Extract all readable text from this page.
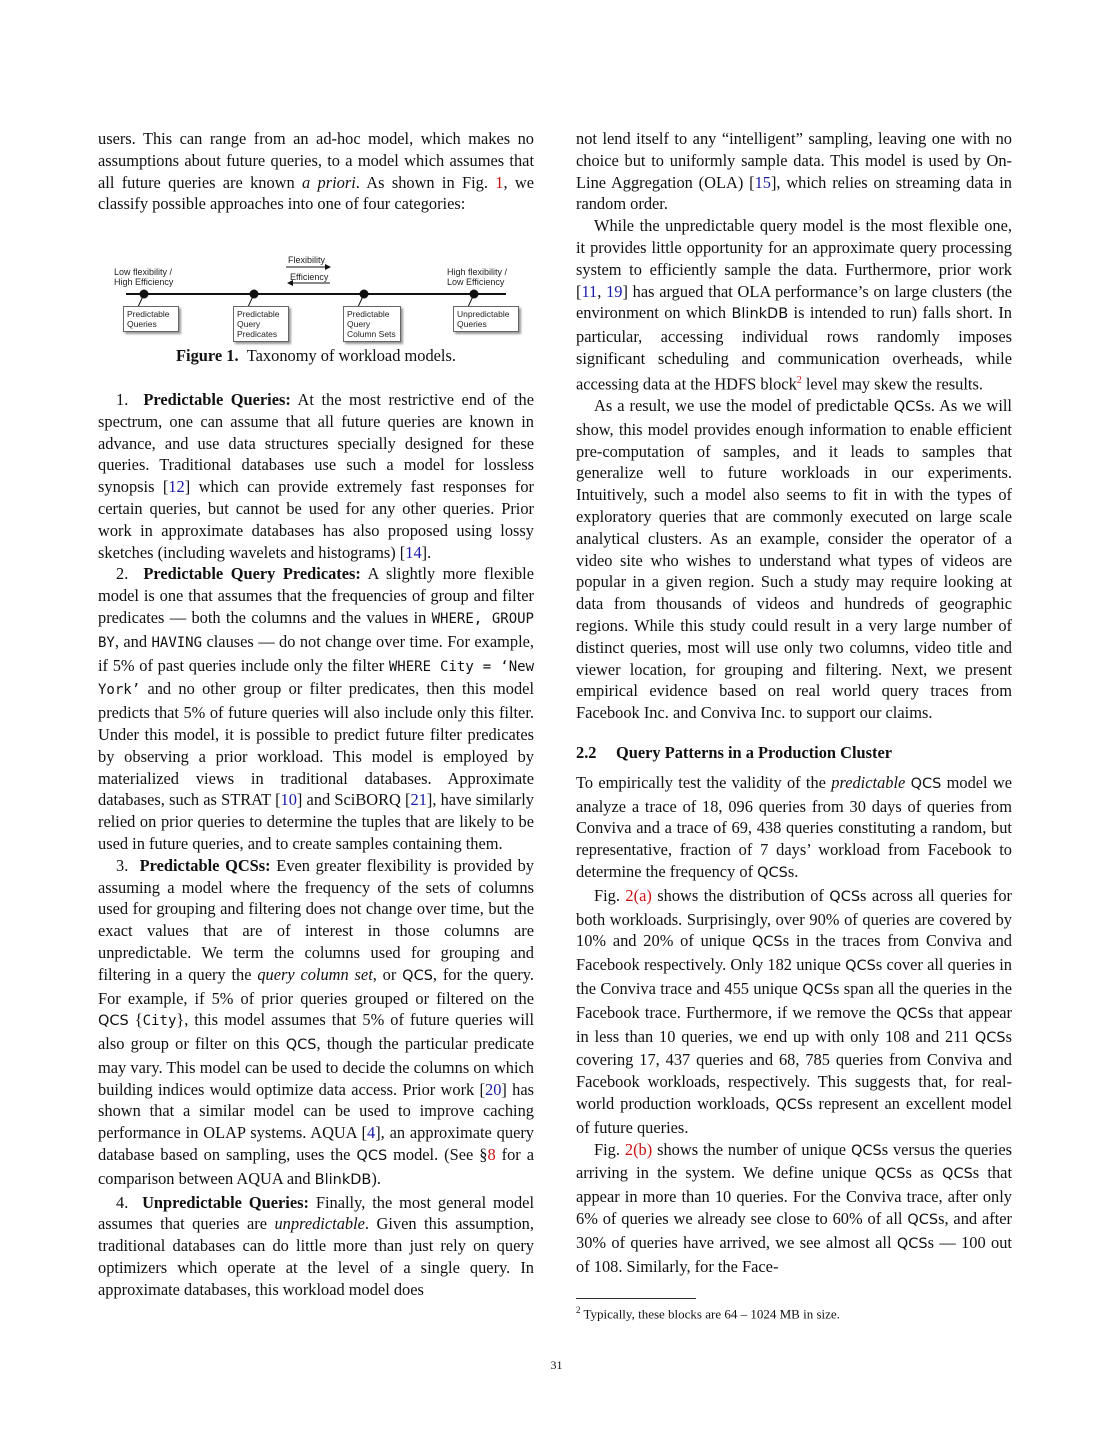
users. This can range from an ad-hoc model, which makes no assumptions about future queries, to a model which assumes that all future queries are known a priori. As shown in Fig. 1, we classify possible approaches into one of four categories:

Flexibility
Efficiency
Low flexibility /
High Efficiency
High flexibility /
Low Efficiency
Predictable
Queries
Predictable
Query
Predicates
Predictable
Query
Column Sets
Unpredictable
Queries

Figure 1. Taxonomy of workload models.

1. Predictable Queries: At the most restrictive end of the spectrum, one can assume that all future queries are known in advance, and use data structures specially designed for these queries. Traditional databases use such a model for lossless synopsis [12] which can provide extremely fast responses for certain queries, but cannot be used for any other queries. Prior work in approximate databases has also proposed using lossy sketches (including wavelets and histograms) [14].

2. Predictable Query Predicates: A slightly more flexible model is one that assumes that the frequencies of group and filter predicates — both the columns and the values in WHERE, GROUP BY, and HAVING clauses — do not change over time. For example, if 5% of past queries include only the filter WHERE City = ‘New York’ and no other group or filter predicates, then this model predicts that 5% of future queries will also include only this filter. Under this model, it is possible to predict future filter predicates by observing a prior workload. This model is employed by materialized views in traditional databases. Approximate databases, such as STRAT [10] and SciBORQ [21], have similarly relied on prior queries to determine the tuples that are likely to be used in future queries, and to create samples containing them.

3. Predictable QCSs: Even greater flexibility is provided by assuming a model where the frequency of the sets of columns used for grouping and filtering does not change over time, but the exact values that are of interest in those columns are unpredictable. We term the columns used for grouping and filtering in a query the query column set, or QCS, for the query. For example, if 5% of prior queries grouped or filtered on the QCS {City}, this model assumes that 5% of future queries will also group or filter on this QCS, though the particular predicate may vary. This model can be used to decide the columns on which building indices would optimize data access. Prior work [20] has shown that a similar model can be used to improve caching performance in OLAP systems. AQUA [4], an approximate query database based on sampling, uses the QCS model. (See §8 for a comparison between AQUA and BlinkDB).

4. Unpredictable Queries: Finally, the most general model assumes that queries are unpredictable. Given this assumption, traditional databases can do little more than just rely on query optimizers which operate at the level of a single query. In approximate databases, this workload model does

not lend itself to any “intelligent” sampling, leaving one with no choice but to uniformly sample data. This model is used by On-Line Aggregation (OLA) [15], which relies on streaming data in random order.

While the unpredictable query model is the most flexible one, it provides little opportunity for an approximate query processing system to efficiently sample the data. Furthermore, prior work [11, 19] has argued that OLA performance’s on large clusters (the environment on which BlinkDB is intended to run) falls short. In particular, accessing individual rows randomly imposes significant scheduling and communication overheads, while accessing data at the HDFS block$^2$ level may skew the results.

As a result, we use the model of predictable QCSs. As we will show, this model provides enough information to enable efficient pre-computation of samples, and it leads to samples that generalize well to future workloads in our experiments. Intuitively, such a model also seems to fit in with the types of exploratory queries that are commonly executed on large scale analytical clusters. As an example, consider the operator of a video site who wishes to understand what types of videos are popular in a given region. Such a study may require looking at data from thousands of videos and hundreds of geographic regions. While this study could result in a very large number of distinct queries, most will use only two columns, video title and viewer location, for grouping and filtering. Next, we present empirical evidence based on real world query traces from Facebook Inc. and Conviva Inc. to support our claims.

2.2 Query Patterns in a Production Cluster

To empirically test the validity of the predictable QCS model we analyze a trace of 18, 096 queries from 30 days of queries from Conviva and a trace of 69, 438 queries constituting a random, but representative, fraction of 7 days’ workload from Facebook to determine the frequency of QCSs.

Fig. 2(a) shows the distribution of QCSs across all queries for both workloads. Surprisingly, over 90% of queries are covered by 10% and 20% of unique QCSs in the traces from Conviva and Facebook respectively. Only 182 unique QCSs cover all queries in the Conviva trace and 455 unique QCSs span all the queries in the Facebook trace. Furthermore, if we remove the QCSs that appear in less than 10 queries, we end up with only 108 and 211 QCSs covering 17, 437 queries and 68, 785 queries from Conviva and Facebook workloads, respectively. This suggests that, for real-world production workloads, QCSs represent an excellent model of future queries.

Fig. 2(b) shows the number of unique QCSs versus the queries arriving in the system. We define unique QCSs as QCSs that appear in more than 10 queries. For the Conviva trace, after only 6% of queries we already see close to 60% of all QCSs, and after 30% of queries have arrived, we see almost all QCSs — 100 out of 108. Similarly, for the Face-

$^2$ Typically, these blocks are 64 – 1024 MB in size.
31
